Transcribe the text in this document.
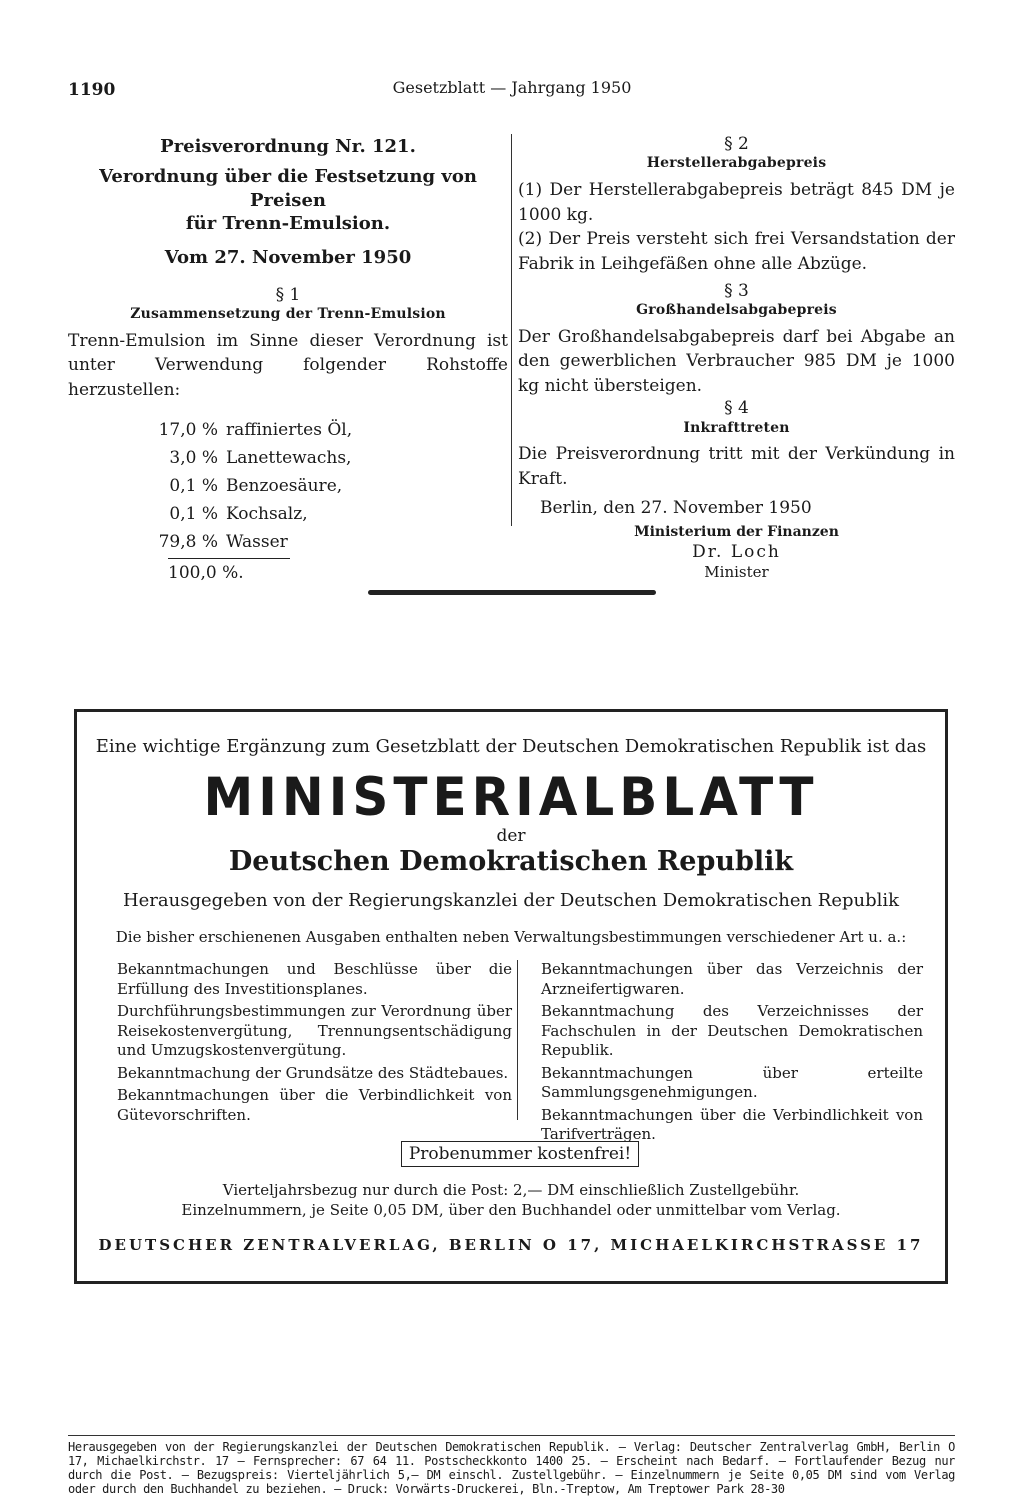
1190	Gesetzblatt — Jahrgang 1950
Preisverordnung Nr. 121.
Verordnung über die Festsetzung von Preisen
für Trenn-Emulsion.
Vom 27. November 1950
§ 1
Zusammensetzung der Trenn-Emulsion
Trenn-Emulsion im Sinne dieser Verordnung ist unter Verwendung folgender Rohstoffe herzustellen:
17,0 % raffiniertes Öl,
3,0 % Lanettewachs,
0,1 % Benzoesäure,
0,1 % Kochsalz,
79,8 % Wasser
100,0 %.
§ 2
Herstellerabgabepreis
(1) Der Herstellerabgabepreis beträgt 845 DM je 1000 kg.
(2) Der Preis versteht sich frei Versandstation der Fabrik in Leihgefäßen ohne alle Abzüge.
§ 3
Großhandelsabgabepreis
Der Großhandelsabgabepreis darf bei Abgabe an den gewerblichen Verbraucher 985 DM je 1000 kg nicht übersteigen.
§ 4
Inkrafttreten
Die Preisverordnung tritt mit der Verkündung in Kraft.
Berlin, den 27. November 1950
Ministerium der Finanzen
Dr. Loch
Minister
Eine wichtige Ergänzung zum Gesetzblatt der Deutschen Demokratischen Republik ist das
MINISTERIALBLATT
der
Deutschen Demokratischen Republik
Herausgegeben von der Regierungskanzlei der Deutschen Demokratischen Republik
Die bisher erschienenen Ausgaben enthalten neben Verwaltungsbestimmungen verschiedener Art u. a.:
Bekanntmachungen und Beschlüsse über die Erfüllung des Investitionsplanes.
Durchführungsbestimmungen zur Verordnung über Reisekostenvergütung, Trennungsentschädigung und Umzugskostenvergütung.
Bekanntmachung der Grundsätze des Städtebaues.
Bekanntmachungen über die Verbindlichkeit von Gütevorschriften.
Bekanntmachungen über das Verzeichnis der Arzneifertigwaren.
Bekanntmachung des Verzeichnisses der Fachschulen in der Deutschen Demokratischen Republik.
Bekanntmachungen über erteilte Sammlungsgenehmigungen.
Bekanntmachungen über die Verbindlichkeit von Tarifverträgen.
Probenummer kostenfrei!
Vierteljahrsbezug nur durch die Post: 2,— DM einschließlich Zustellgebühr.
Einzelnummern, je Seite 0,05 DM, über den Buchhandel oder unmittelbar vom Verlag.
DEUTSCHER ZENTRALVERLAG, BERLIN O 17, MICHAELKIRCHSTRASSE 17
Herausgegeben von der Regierungskanzlei der Deutschen Demokratischen Republik. — Verlag: Deutscher Zentralverlag GmbH, Berlin O 17, Michaelkirchstr. 17 — Fernsprecher: 67 64 11. Postscheckkonto 1400 25. — Erscheint nach Bedarf. — Fortlaufender Bezug nur durch die Post. — Bezugspreis: Vierteljährlich 5,— DM einschl. Zustellgebühr. — Einzelnummern je Seite 0,05 DM sind vom Verlag oder durch den Buchhandel zu beziehen. — Druck: Vorwärts-Druckerei, Bln.-Treptow, Am Treptower Park 28-30
